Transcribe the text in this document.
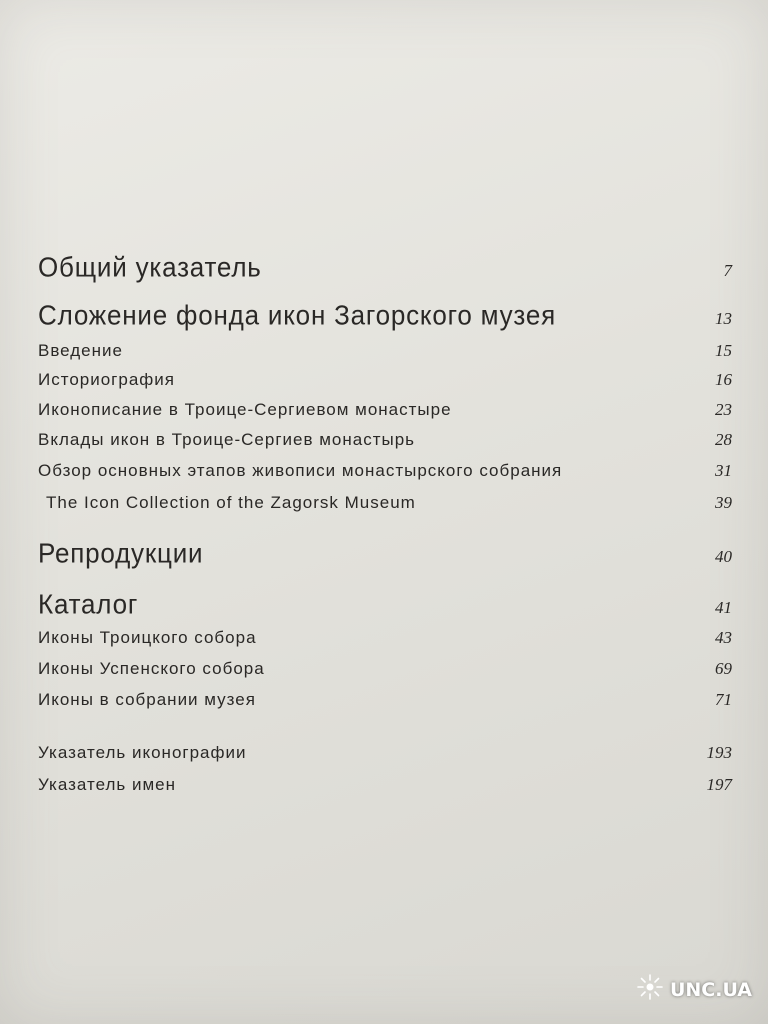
Общий указатель	7
Сложение фонда икон Загорского музея	13
Введение	15
Историография	16
Иконописание в Троице-Сергиевом монастыре	23
Вклады икон в Троице-Сергиев монастырь	28
Обзор основных этапов живописи монастырского собрания	31
The Icon Collection of the Zagorsk Museum	39
Репродукции	40
Каталог	41
Иконы Троицкого собора	43
Иконы Успенского собора	69
Иконы в собрании музея	71
Указатель иконографии	193
Указатель имен	197
UNC.UA
